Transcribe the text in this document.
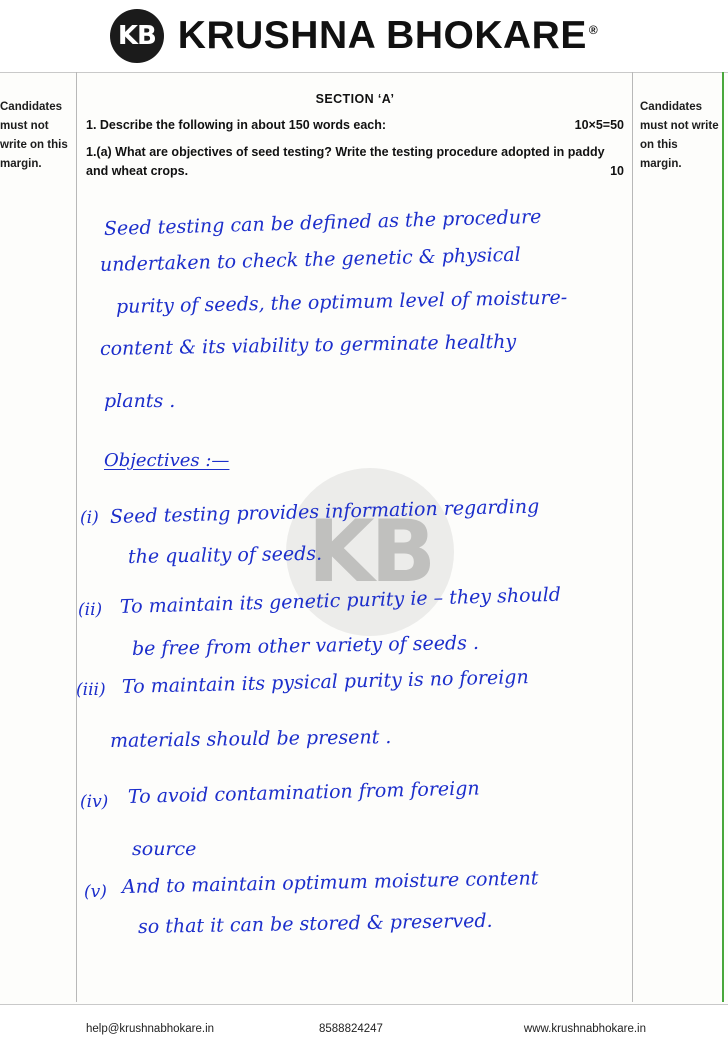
KB KRUSHNA BHOKARE ®
Candidates must not write on this margin.
Candidates must not write on this margin.
SECTION ‘A’
1. Describe the following in about 150 words each:	10×5=50
1.(a) What are objectives of seed testing? Write the testing procedure adopted in paddy and wheat crops.	10
KB
Seed testing can be defined as the procedure
undertaken to check the genetic & physical
purity of seeds, the optimum level of moisture-
content & its viability to germinate healthy
plants .
Objectives :—
(i) Seed testing provides information regarding
the quality of seeds.
(ii) To maintain its genetic purity ie – they should
be free from other variety of seeds .
(iii) To maintain its pysical purity is no foreign
materials should be present .
(iv) To avoid contamination from foreign
source
(v) And to maintain optimum moisture content
so that it can be stored & preserved.
help@krushnabhokare.in	8588824247	www.krushnabhokare.in
